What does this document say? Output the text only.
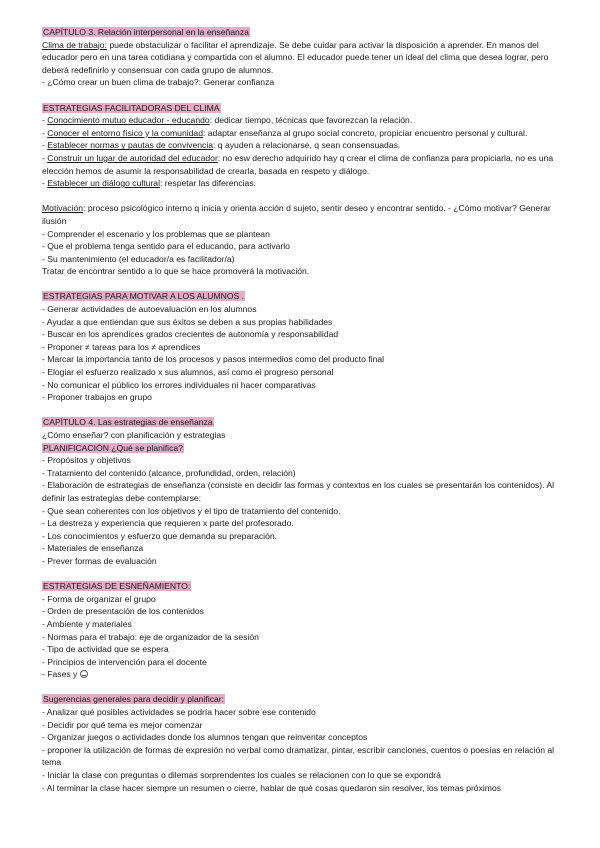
CAPÍTULO 3. Relación interpersonal en la enseñanza
Clima de trabajo: puede obstaculizar o facilitar el aprendizaje. Se debe cuidar para activar la disposición a aprender. En manos del educador pero en una tarea cotidiana y compartida con el alumno. El educador puede tener un ideal del clima que desea lograr, pero deberá redefinirlo y consensuar con cada grupo de alumnos.
- ¿Cómo crear un buen clima de trabajo?: Generar confianza
ESTRATEGIAS FACILITADORAS DEL CLIMA
- Conocimiento mutuo educador - educando: dedicar tiempo, técnicas que favorezcan la relación.
- Conocer el entorno físico y la comunidad: adaptar enseñanza al grupo social concreto, propiciar encuentro personal y cultural.
- Establecer normas y pautas de convivencia: q ayuden a relacionarse, q sean consensuadas.
- Construir un lugar de autoridad del educador: no esw derecho adquirido hay q crear el clima de confianza para propiciarla, no es una elección hemos de asumir la responsabilidad de crearla, basada en respeto y diálogo.
- Establecer un diálogo cultural: respetar las diferencias.
Motivación: proceso psicológico interno q inicia y orienta acción d sujeto, sentir deseo y encontrar sentido. - ¿Cómo motivar? Generar ilusión
- Comprender el escenario y los problemas que se plantean
- Que el problema tenga sentido para el educando, para activarlo
- Su mantenimiento (el educador/a es facilitador/a)
Tratar de encontrar sentido a lo que se hace promoverá la motivación.
ESTRATEGIAS PARA MOTIVAR A LOS ALUMNOS .
- Generar actividades de autoevaluación en los alumnos
- Ayudar a que entiendan que sus éxitos se deben a sus propias habilidades
- Buscar en los aprendices grados crecientes de autonomía y responsabilidad
- Proponer ≠ tareas para los ≠ aprendices
- Marcar la importancia tanto de los procesos y pasos intermedios como del producto final
- Elogiar el esfuerzo realizado x sus alumnos, así como el progreso personal
- No comunicar el público los errores individuales ni hacer comparativas
- Proponer trabajos en grupo
CAPÍTULO 4. Las estrategias de enseñanza
¿Cómo enseñar? con planificación y estrategias
PLANIFICACIÓN ¿Qué se planifica?
- Propósitos y objetivos
- Tratamiento del contenido (alcance, profundidad, orden, relación)
- Elaboración de estrategias de enseñanza (consiste en decidir las formas y contextos en los cuales se presentarán los contenidos). Al definir las estrategias debe contemplarse:
- Que sean coherentes con los objetivos y el tipo de tratamiento del contenido.
- La destreza y experiencia que requieren x parte del profesorado.
- Los conocimientos y esfuerzo que demanda su preparación.
- Materiales de enseñanza
- Prever formas de evaluación
ESTRATEGIAS DE ESNEÑAMIENTO:
- Forma de organizar el grupo
- Orden de presentación de los contenidos
- Ambiente y materiales
- Normas para el trabajo: eje de organizador de la sesión
- Tipo de actividad que se espera
- Principios de intervención para el docente
- Fases y
Sugerencias generales para decidir y planificar:
- Analizar qué posibles actividades se podría hacer sobre ese contenido
- Decidir por qué tema es mejor comenzar
- Organizar juegos o actividades donde los alumnos tengan que reinventar conceptos
- proponer la utilización de formas de expresión no verbal como dramatizar, pintar, escribir canciones, cuentos o poesías en relación al tema
- Iniciar la clase con preguntas o dilemas sorprendentes los cuales se relacionen con lo que se expondrá
- Al terminar la clase hacer siempre un resumen o cierre, hablar de qué cosas quedaron sin resolver, los temas próximos
